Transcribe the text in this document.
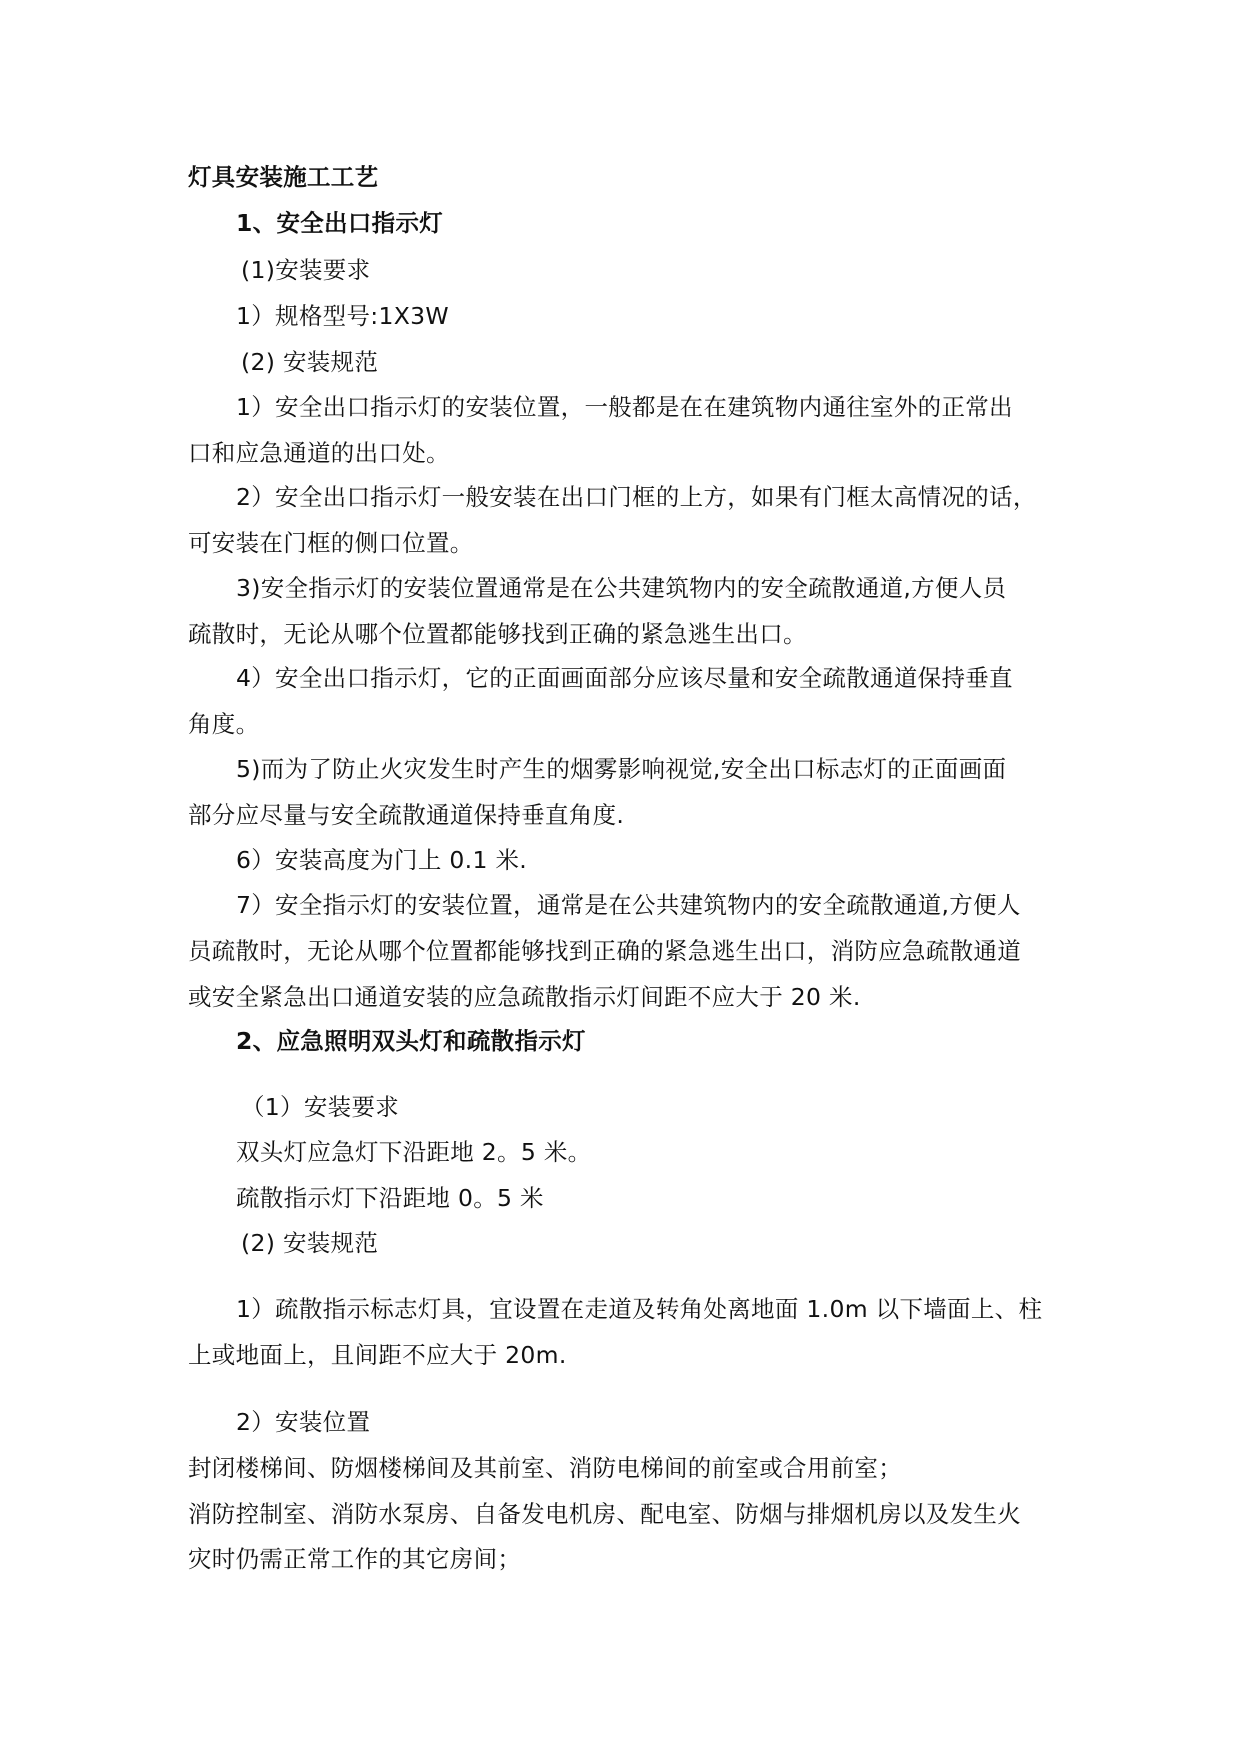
灯具安装施工工艺
1、安全出口指示灯
(1)安装要求
1）规格型号:1X3W
(2) 安装规范
1）安全出口指示灯的安装位置，一般都是在在建筑物内通往室外的正常出
口和应急通道的出口处。
2）安全出口指示灯一般安装在出口门框的上方，如果有门框太高情况的话，
可安装在门框的侧口位置。
3)安全指示灯的安装位置通常是在公共建筑物内的安全疏散通道,方便人员
疏散时，无论从哪个位置都能够找到正确的紧急逃生出口。
4）安全出口指示灯，它的正面画面部分应该尽量和安全疏散通道保持垂直
角度。
5)而为了防止火灾发生时产生的烟雾影响视觉,安全出口标志灯的正面画面
部分应尽量与安全疏散通道保持垂直角度.
6）安装高度为门上 0.1 米.
7）安全指示灯的安装位置，通常是在公共建筑物内的安全疏散通道,方便人
员疏散时，无论从哪个位置都能够找到正确的紧急逃生出口，消防应急疏散通道
或安全紧急出口通道安装的应急疏散指示灯间距不应大于 20 米.
2、应急照明双头灯和疏散指示灯
（1）安装要求
双头灯应急灯下沿距地 2。5 米。
疏散指示灯下沿距地 0。5 米
(2) 安装规范
1）疏散指示标志灯具，宜设置在走道及转角处离地面 1.0m 以下墙面上、柱
上或地面上，且间距不应大于 20m.
2）安装位置
封闭楼梯间、防烟楼梯间及其前室、消防电梯间的前室或合用前室；
消防控制室、消防水泵房、自备发电机房、配电室、防烟与排烟机房以及发生火
灾时仍需正常工作的其它房间；
